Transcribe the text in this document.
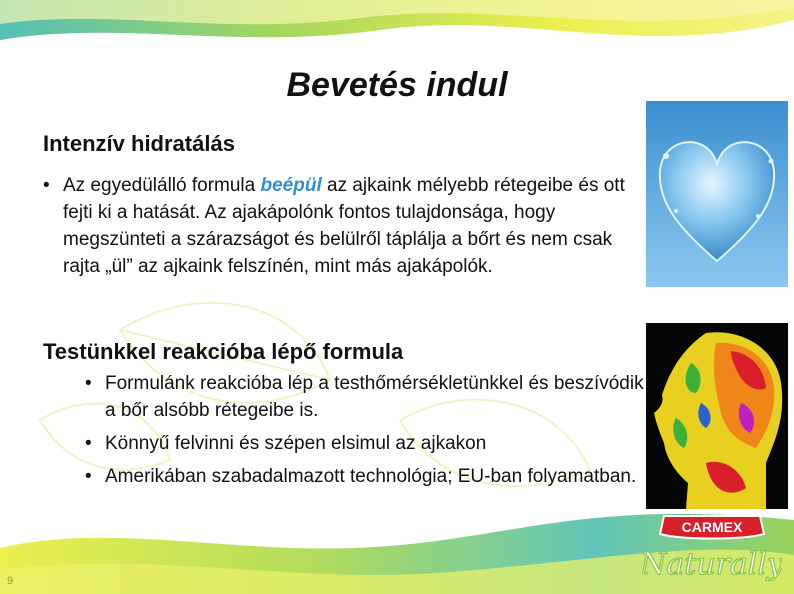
Bevetés indul
Intenzív hidratálás
• Az egyedülálló formula beépül az ajkaink mélyebb rétegeibe és ott fejti ki a hatását. Az ajakápolónk fontos tulajdonsága, hogy megszünteti a szárazságot és belülről táplálja a bőrt és nem csak rajta „ül” az ajkaink felszínén, mint más ajakápolók.
Testünkkel reakcióba lépő formula
• Formulánk reakcióba lép a testhőmérsékletünkkel és beszívódik a bőr alsóbb rétegeibe is.
• Könnyű felvinni és szépen elsimul az ajkakon
• Amerikában szabadalmazott technológia; EU-ban folyamatban.
9
CARMEX
Naturally
